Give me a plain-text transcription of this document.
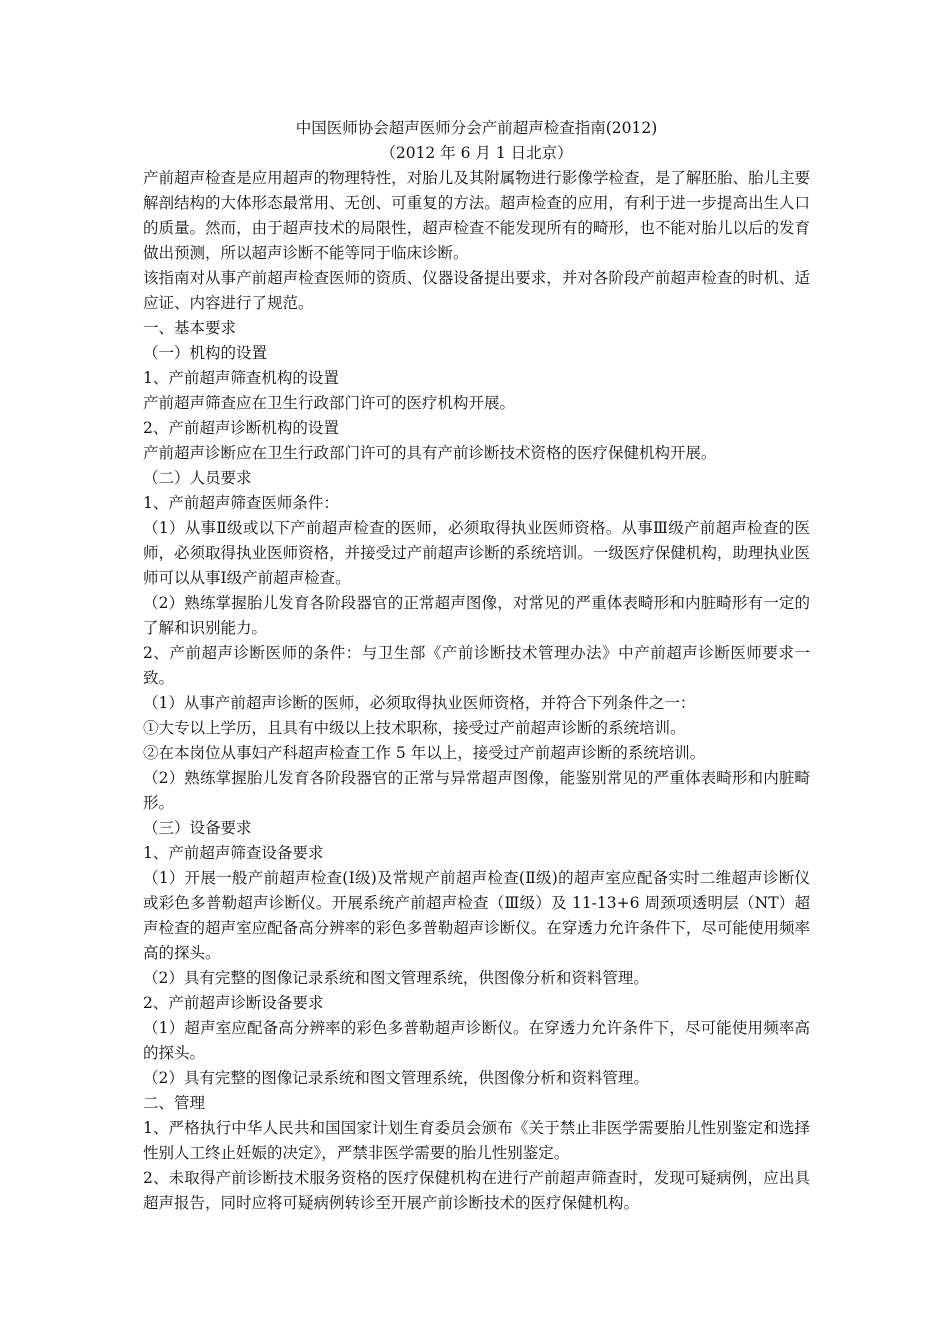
中国医师协会超声医师分会产前超声检查指南(2012)

（2012 年 6 月 1 日北京）

产前超声检查是应用超声的物理特性，对胎儿及其附属物进行影像学检查，是了解胚胎、胎儿主要解剖结构的大体形态最常用、无创、可重复的方法。超声检查的应用，有利于进一步提高出生人口的质量。然而，由于超声技术的局限性，超声检查不能发现所有的畸形，也不能对胎儿以后的发育做出预测，所以超声诊断不能等同于临床诊断。

该指南对从事产前超声检查医师的资质、仪器设备提出要求，并对各阶段产前超声检查的时机、适应证、内容进行了规范。

一、基本要求

（一）机构的设置

1、产前超声筛查机构的设置

产前超声筛查应在卫生行政部门许可的医疗机构开展。

2、产前超声诊断机构的设置

产前超声诊断应在卫生行政部门许可的具有产前诊断技术资格的医疗保健机构开展。

（二）人员要求

1、产前超声筛查医师条件：

（1）从事Ⅱ级或以下产前超声检查的医师，必须取得执业医师资格。从事Ⅲ级产前超声检查的医师，必须取得执业医师资格，并接受过产前超声诊断的系统培训。一级医疗保健机构，助理执业医师可以从事Ⅰ级产前超声检查。

（2）熟练掌握胎儿发育各阶段器官的正常超声图像，对常见的严重体表畸形和内脏畸形有一定的了解和识别能力。

2、产前超声诊断医师的条件：与卫生部《产前诊断技术管理办法》中产前超声诊断医师要求一致。

（1）从事产前超声诊断的医师，必须取得执业医师资格，并符合下列条件之一：

①大专以上学历，且具有中级以上技术职称，接受过产前超声诊断的系统培训。

②在本岗位从事妇产科超声检查工作 5 年以上，接受过产前超声诊断的系统培训。

（2）熟练掌握胎儿发育各阶段器官的正常与异常超声图像，能鉴别常见的严重体表畸形和内脏畸形。

（三）设备要求

1、产前超声筛查设备要求

（1）开展一般产前超声检查(Ⅰ级)及常规产前超声检查(Ⅱ级)的超声室应配备实时二维超声诊断仪或彩色多普勒超声诊断仪。开展系统产前超声检查（Ⅲ级）及 11-13+6 周颈项透明层（NT）超声检查的超声室应配备高分辨率的彩色多普勒超声诊断仪。在穿透力允许条件下，尽可能使用频率高的探头。

（2）具有完整的图像记录系统和图文管理系统，供图像分析和资料管理。

2、产前超声诊断设备要求

（1）超声室应配备高分辨率的彩色多普勒超声诊断仪。在穿透力允许条件下，尽可能使用频率高的探头。

（2）具有完整的图像记录系统和图文管理系统，供图像分析和资料管理。

二、管理

1、严格执行中华人民共和国国家计划生育委员会颁布《关于禁止非医学需要胎儿性别鉴定和选择性别人工终止妊娠的决定》，严禁非医学需要的胎儿性别鉴定。

2、未取得产前诊断技术服务资格的医疗保健机构在进行产前超声筛查时，发现可疑病例，应出具超声报告，同时应将可疑病例转诊至开展产前诊断技术的医疗保健机构。
